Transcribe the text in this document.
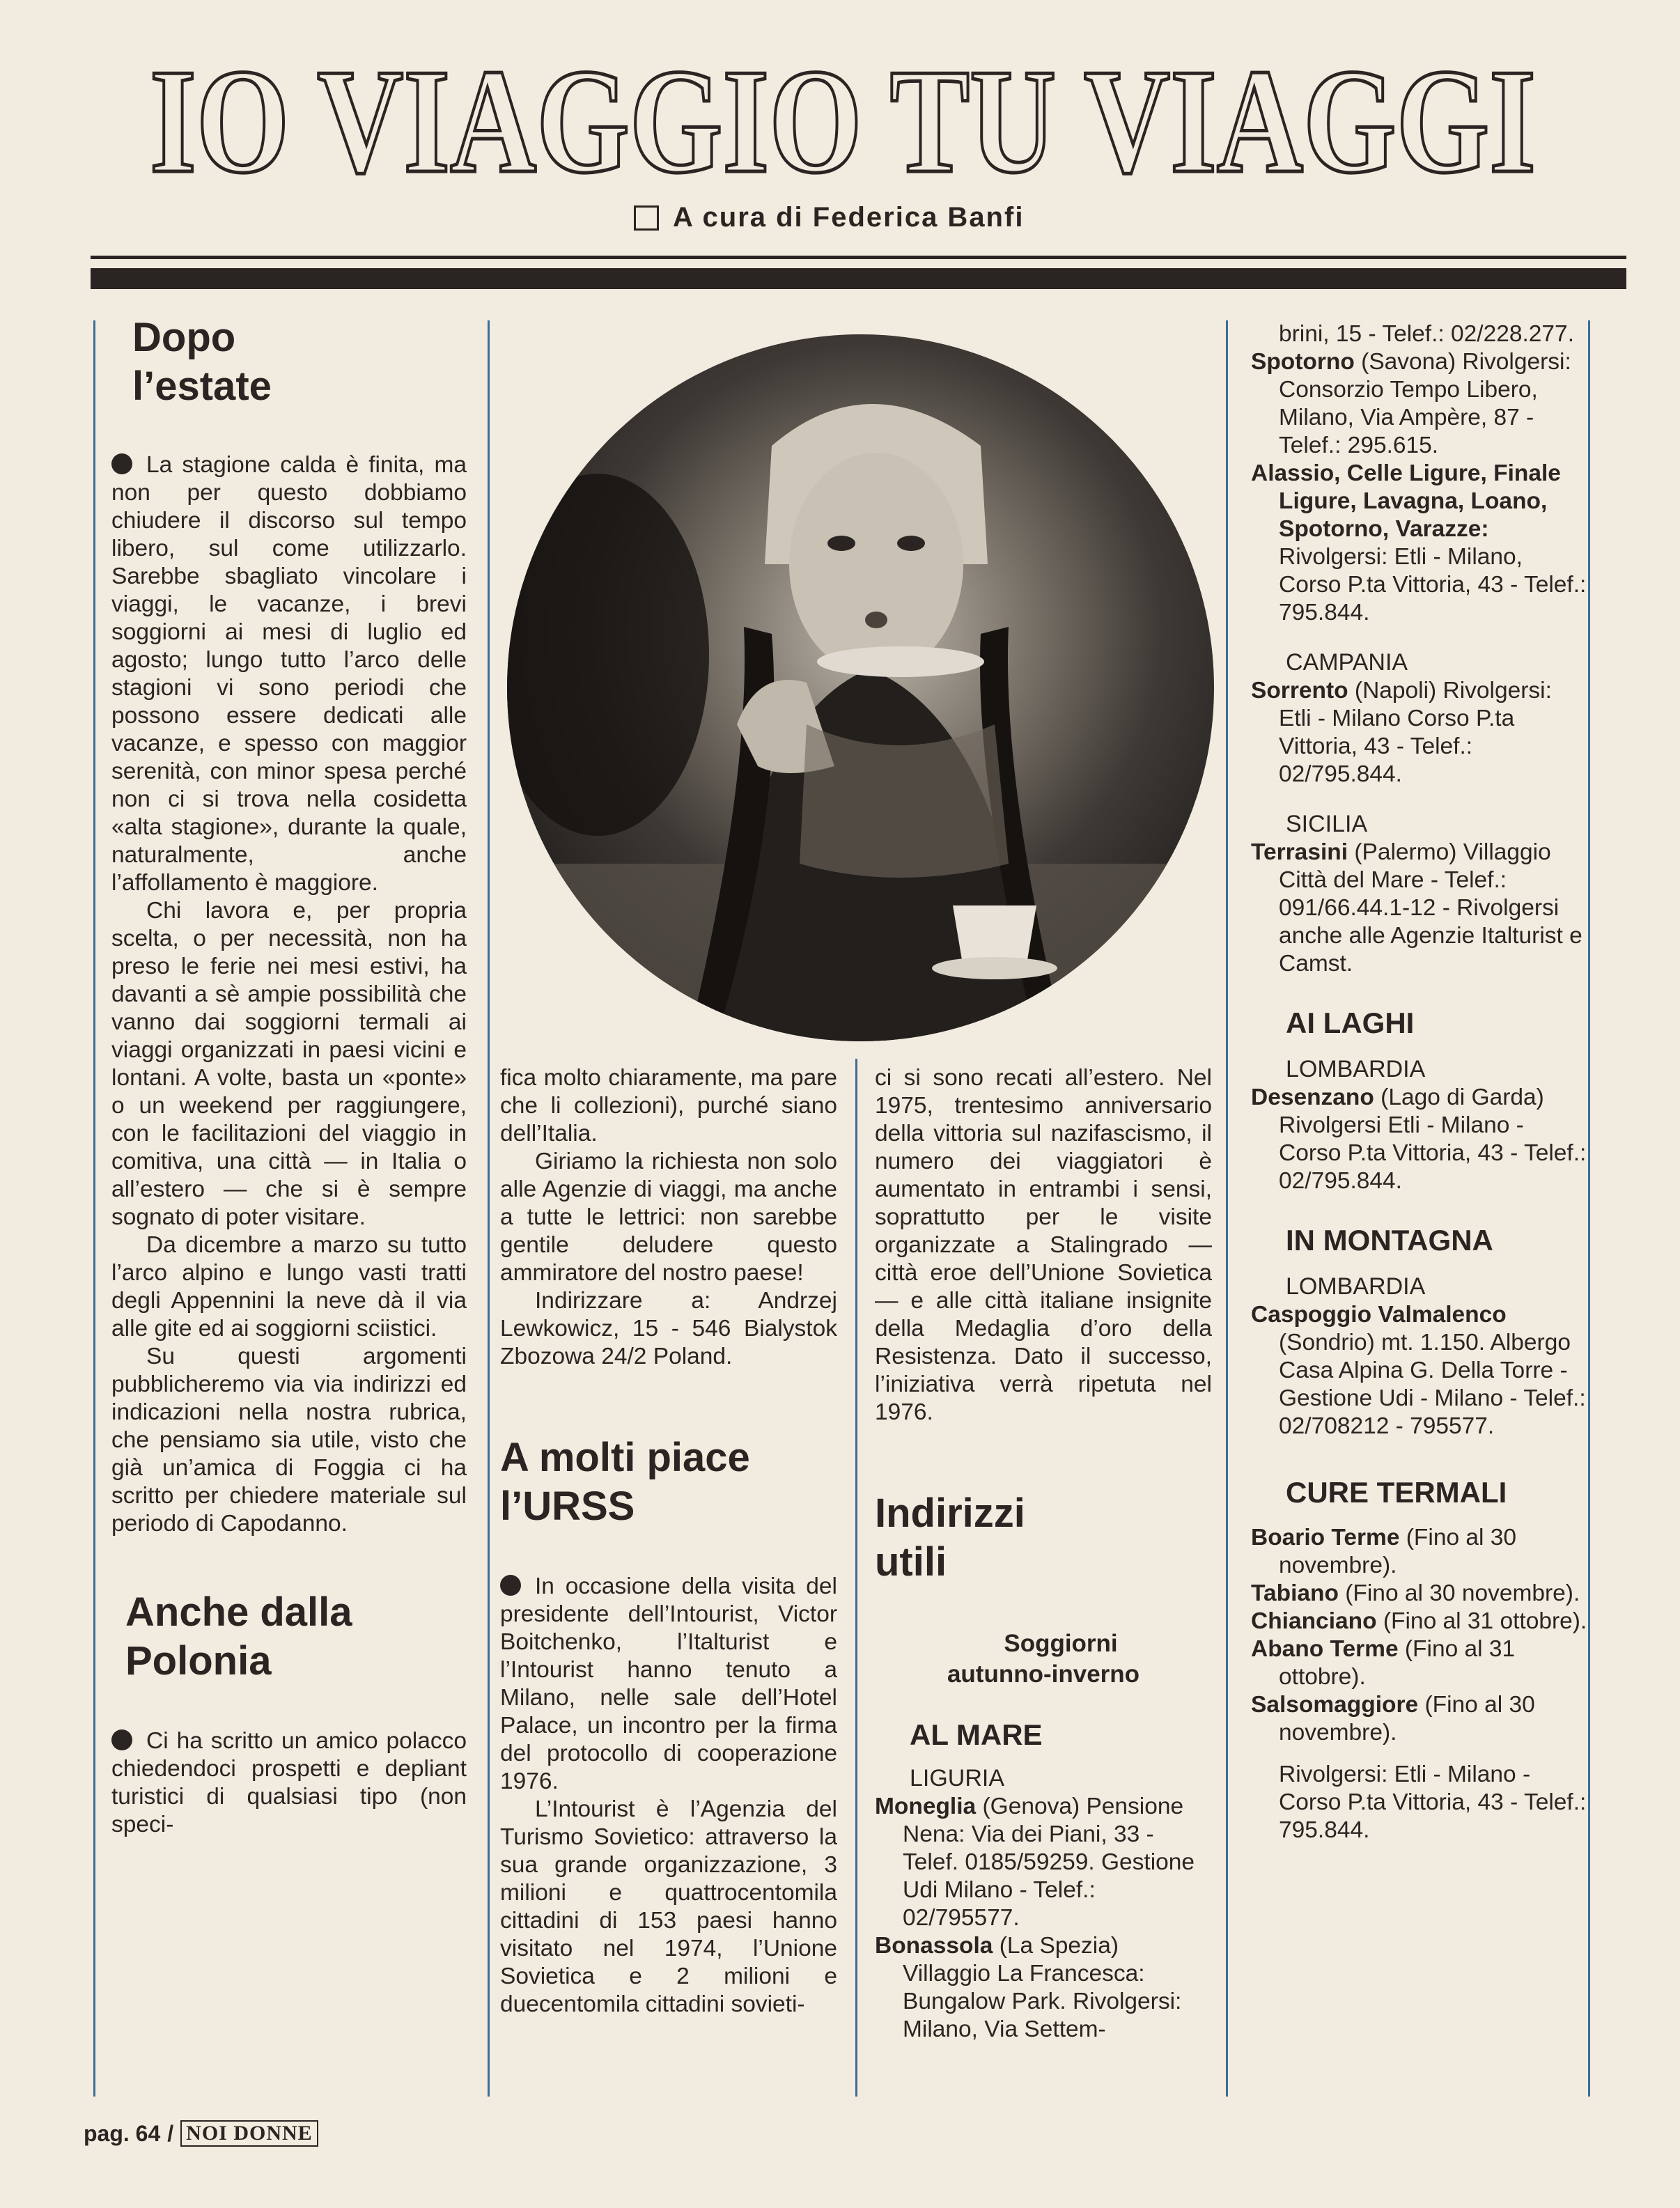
IO VIAGGIO TU VIAGGI
A cura di Federica Banfi
Dopo l’estate

La stagione calda è finita, ma non per questo dobbiamo chiudere il discorso sul tempo libero, sul come utilizzarlo. Sarebbe sbagliato vincolare i viaggi, le vacanze, i brevi soggiorni ai mesi di luglio ed agosto; lungo tutto l’arco delle stagioni vi sono periodi che possono essere dedicati alle vacanze, e spesso con maggior serenità, con minor spesa perché non ci si trova nella cosidetta «alta stagione», durante la quale, naturalmente, anche l’affollamento è maggiore.

Chi lavora e, per propria scelta, o per necessità, non ha preso le ferie nei mesi estivi, ha davanti a sè ampie possibilità che vanno dai soggiorni termali ai viaggi organizzati in paesi vicini e lontani. A volte, basta un «ponte» o un weekend per raggiungere, con le facilitazioni del viaggio in comitiva, una città — in Italia o all’estero — che si è sempre sognato di poter visitare.

Da dicembre a marzo su tutto l’arco alpino e lungo vasti tratti degli Appennini la neve dà il via alle gite ed ai soggiorni sciistici.

Su questi argomenti pubblicheremo via via indirizzi ed indicazioni nella nostra rubrica, che pensiamo sia utile, visto che già un’amica di Foggia ci ha scritto per chiedere materiale sul periodo di Capodanno.

Anche dalla Polonia

Ci ha scritto un amico polacco chiedendoci prospetti e depliant turistici di qualsiasi tipo (non speci-

fica molto chiaramente, ma pare che li collezioni), purché siano dell’Italia.

Giriamo la richiesta non solo alle Agenzie di viaggi, ma anche a tutte le lettrici: non sarebbe gentile deludere questo ammiratore del nostro paese!

Indirizzare a: Andrzej Lewkowicz, 15 - 546 Bialystok Zbozowa 24/2 Poland.

A molti piace l’URSS

In occasione della visita del presidente dell’Intourist, Victor Boitchenko, l’Italturist e l’Intourist hanno tenuto a Milano, nelle sale dell’Hotel Palace, un incontro per la firma del protocollo di cooperazione 1976.

L’Intourist è l’Agenzia del Turismo Sovietico: attraverso la sua grande organizzazione, 3 milioni e quattrocentomila cittadini di 153 paesi hanno visitato nel 1974, l’Unione Sovietica e 2 milioni e duecentomila cittadini sovieti-

ci si sono recati all’estero. Nel 1975, trentesimo anniversario della vittoria sul nazifascismo, il numero dei viaggiatori è aumentato in entrambi i sensi, soprattutto per le visite organizzate a Stalingrado — città eroe dell’Unione Sovietica — e alle città italiane insignite della Medaglia d’oro della Resistenza. Dato il successo, l’iniziativa verrà ripetuta nel 1976.

Indirizzi utili

Soggiorni autunno-inverno

AL MARE

LIGURIA

Moneglia (Genova) Pensione Nena: Via dei Piani, 33 - Telef. 0185/59259. Gestione Udi Milano - Telef.: 02/795577.

Bonassola (La Spezia) Villaggio La Francesca: Bungalow Park. Rivolgersi: Milano, Via Settem-

brini, 15 - Telef.: 02/228.277.

Spotorno (Savona) Rivolgersi: Consorzio Tempo Libero, Milano, Via Ampère, 87 - Telef.: 295.615.

Alassio, Celle Ligure, Finale Ligure, Lavagna, Loano, Spotorno, Varazze: Rivolgersi: Etli - Milano, Corso P.ta Vittoria, 43 - Telef.: 795.844.

CAMPANIA

Sorrento (Napoli) Rivolgersi: Etli - Milano Corso P.ta Vittoria, 43 - Telef.: 02/795.844.

SICILIA

Terrasini (Palermo) Villaggio Città del Mare - Telef.: 091/66.44.1-12 - Rivolgersi anche alle Agenzie Italturist e Camst.

AI LAGHI

LOMBARDIA

Desenzano (Lago di Garda) Rivolgersi Etli - Milano - Corso P.ta Vittoria, 43 - Telef.: 02/795.844.

IN MONTAGNA

LOMBARDIA

Caspoggio Valmalenco (Sondrio) mt. 1.150. Albergo Casa Alpina G. Della Torre - Gestione Udi - Milano - Telef.: 02/708212 - 795577.

CURE TERMALI

Boario Terme (Fino al 30 novembre).

Tabiano (Fino al 30 novembre).

Chianciano (Fino al 31 ottobre).

Abano Terme (Fino al 31 ottobre).

Salsomaggiore (Fino al 30 novembre).

Rivolgersi: Etli - Milano - Corso P.ta Vittoria, 43 - Telef.: 795.844.

pag. 64 / NOI DONNE
